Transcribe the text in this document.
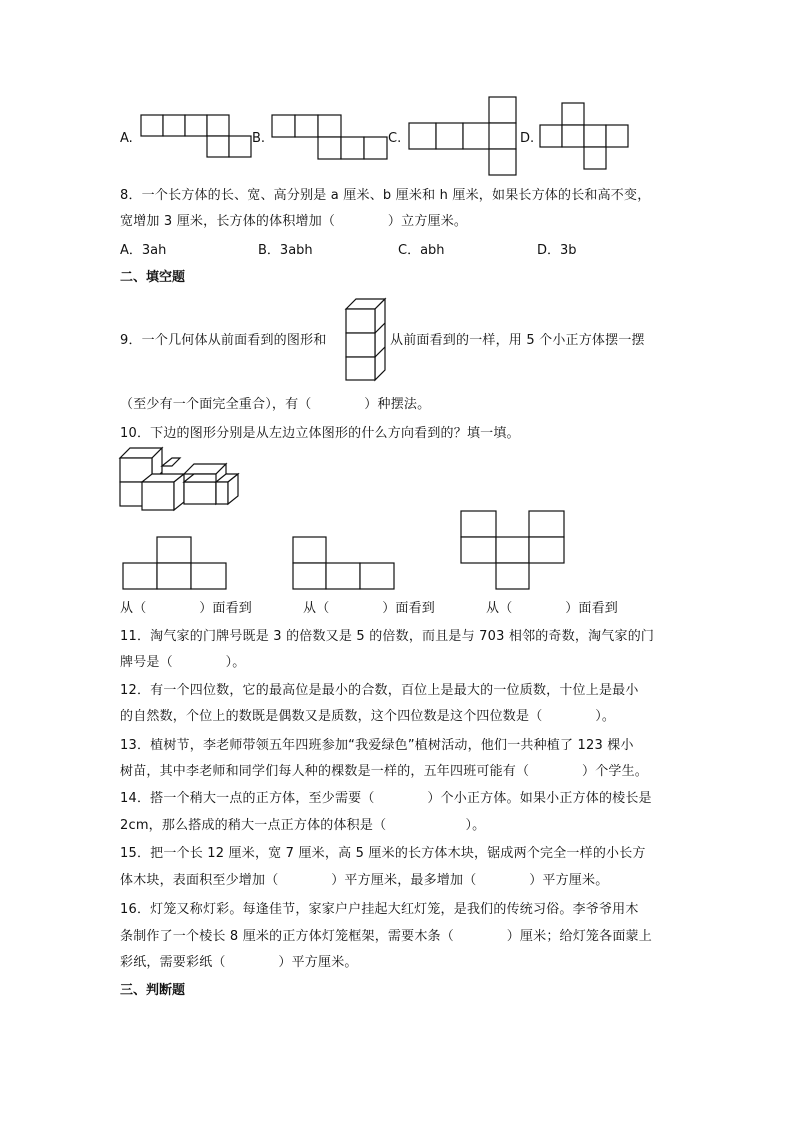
A.	B.	C.	D.
8．一个长方体的长、宽、高分别是 a 厘米、b 厘米和 h 厘米，如果长方体的长和高不变，
宽增加 3 厘米，长方体的体积增加（　　　　）立方厘米。
A．3ah	B．3abh	C．abh	D．3b
二、填空题
9．一个几何体从前面看到的图形和	从前面看到的一样，用 5 个小正方体摆一摆
（至少有一个面完全重合），有（　　　　）种摆法。
10．下边的图形分别是从左边立体图形的什么方向看到的？填一填。
从（　　　　）面看到	从（　　　　）面看到	从（　　　　）面看到
11．淘气家的门牌号既是 3 的倍数又是 5 的倍数，而且是与 703 相邻的奇数，淘气家的门
牌号是（　　　　）。
12．有一个四位数，它的最高位是最小的合数，百位上是最大的一位质数，十位上是最小
的自然数，个位上的数既是偶数又是质数，这个四位数是这个四位数是（　　　　）。
13．植树节，李老师带领五年四班参加“我爱绿色”植树活动，他们一共种植了 123 棵小
树苗，其中李老师和同学们每人种的棵数是一样的，五年四班可能有（　　　　）个学生。
14．搭一个稍大一点的正方体，至少需要（　　　　）个小正方体。如果小正方体的棱长是
2cm，那么搭成的稍大一点正方体的体积是（　　　　　　）。
15．把一个长 12 厘米，宽 7 厘米，高 5 厘米的长方体木块，锯成两个完全一样的小长方
体木块，表面积至少增加（　　　　）平方厘米，最多增加（　　　　）平方厘米。
16．灯笼又称灯彩。每逢佳节，家家户户挂起大红灯笼，是我们的传统习俗。李爷爷用木
条制作了一个棱长 8 厘米的正方体灯笼框架，需要木条（　　　　）厘米；给灯笼各面蒙上
彩纸，需要彩纸（　　　　）平方厘米。
三、判断题
